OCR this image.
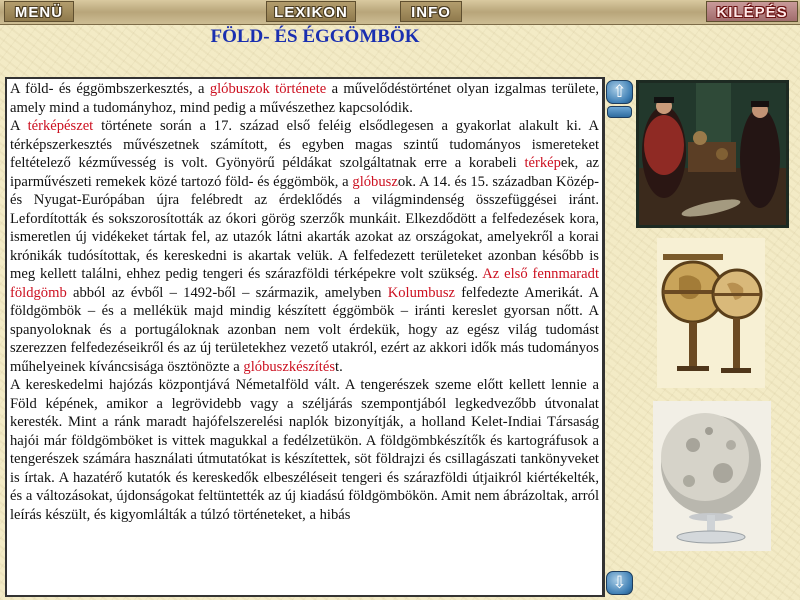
MENÜ	LEXIKON	INFO	KILÉPÉS
FÖLD- ÉS ÉGGÖMBÖK

A föld- és éggömbszerkesztés, a glóbuszok története a művelődéstörténet olyan izgalmas területe, amely mind a tudományhoz, mind pedig a művészethez kapcsolódik.

A térképészet története során a 17. század első feléig elsődlegesen a gyakorlat alakult ki. A térképszerkesztés művészetnek számított, és egyben magas szintű tudományos ismereteket feltételező kézművesség is volt. Gyönyörű példákat szolgáltatnak erre a korabeli térképek, az iparművészeti remekek közé tartozó föld- és éggömbök, a glóbuszok. A 14. és 15. században Közép- és Nyugat-Európában újra felébredt az érdeklődés a világmindenség összefüggései iránt. Lefordították és sokszorosították az ókori görög szerzők munkáit. Elkezdődött a felfedezések kora, ismeretlen új vidékeket tártak fel, az utazók látni akarták azokat az országokat, amelyekről a korai krónikák tudósítottak, és kereskedni is akartak velük. A felfedezett területeket azonban később is meg kellett találni, ehhez pedig tengeri és szárazföldi térképekre volt szükség. Az első fennmaradt földgömb abból az évből – 1492-ből – származik, amelyben Kolumbusz felfedezte Amerikát. A földgömbök – és a mellékük majd mindig készített éggömbök – iránti kereslet gyorsan nőtt. A spanyoloknak és a portugáloknak azonban nem volt érdekük, hogy az egész világ tudomást szerezzen felfedezéseikről és az új területekhez vezető utakról, ezért az akkori idők más tudományos műhelyeinek kíváncsisága ösztönözte a glóbuszkészítést.

A kereskedelmi hajózás központjává Németalföld vált. A tengerészek szeme előtt kellett lennie a Föld képének, amikor a legrövidebb vagy a széljárás szempontjából legkedvezőbb útvonalat keresték. Mint a ránk maradt hajófelszerelési naplók bizonyítják, a holland Kelet-Indiai Társaság hajói már földgömböket is vittek magukkal a fedélzetükön. A földgömbkészítők és kartográfusok a tengerészek számára használati útmutatókat is készítettek, söt földrajzi és csillagászati tankönyveket is írtak. A hazatérő kutatók és kereskedők elbeszéléseit tengeri és szárazföldi útjaikról kiértékelték, és a változásokat, újdonságokat feltüntették az új kiadású földgömbökön. Amit nem ábrázoltak, arról leírás készült, és kigyomlálták a túlzó történeteket, a hibás

⇧
⇩
